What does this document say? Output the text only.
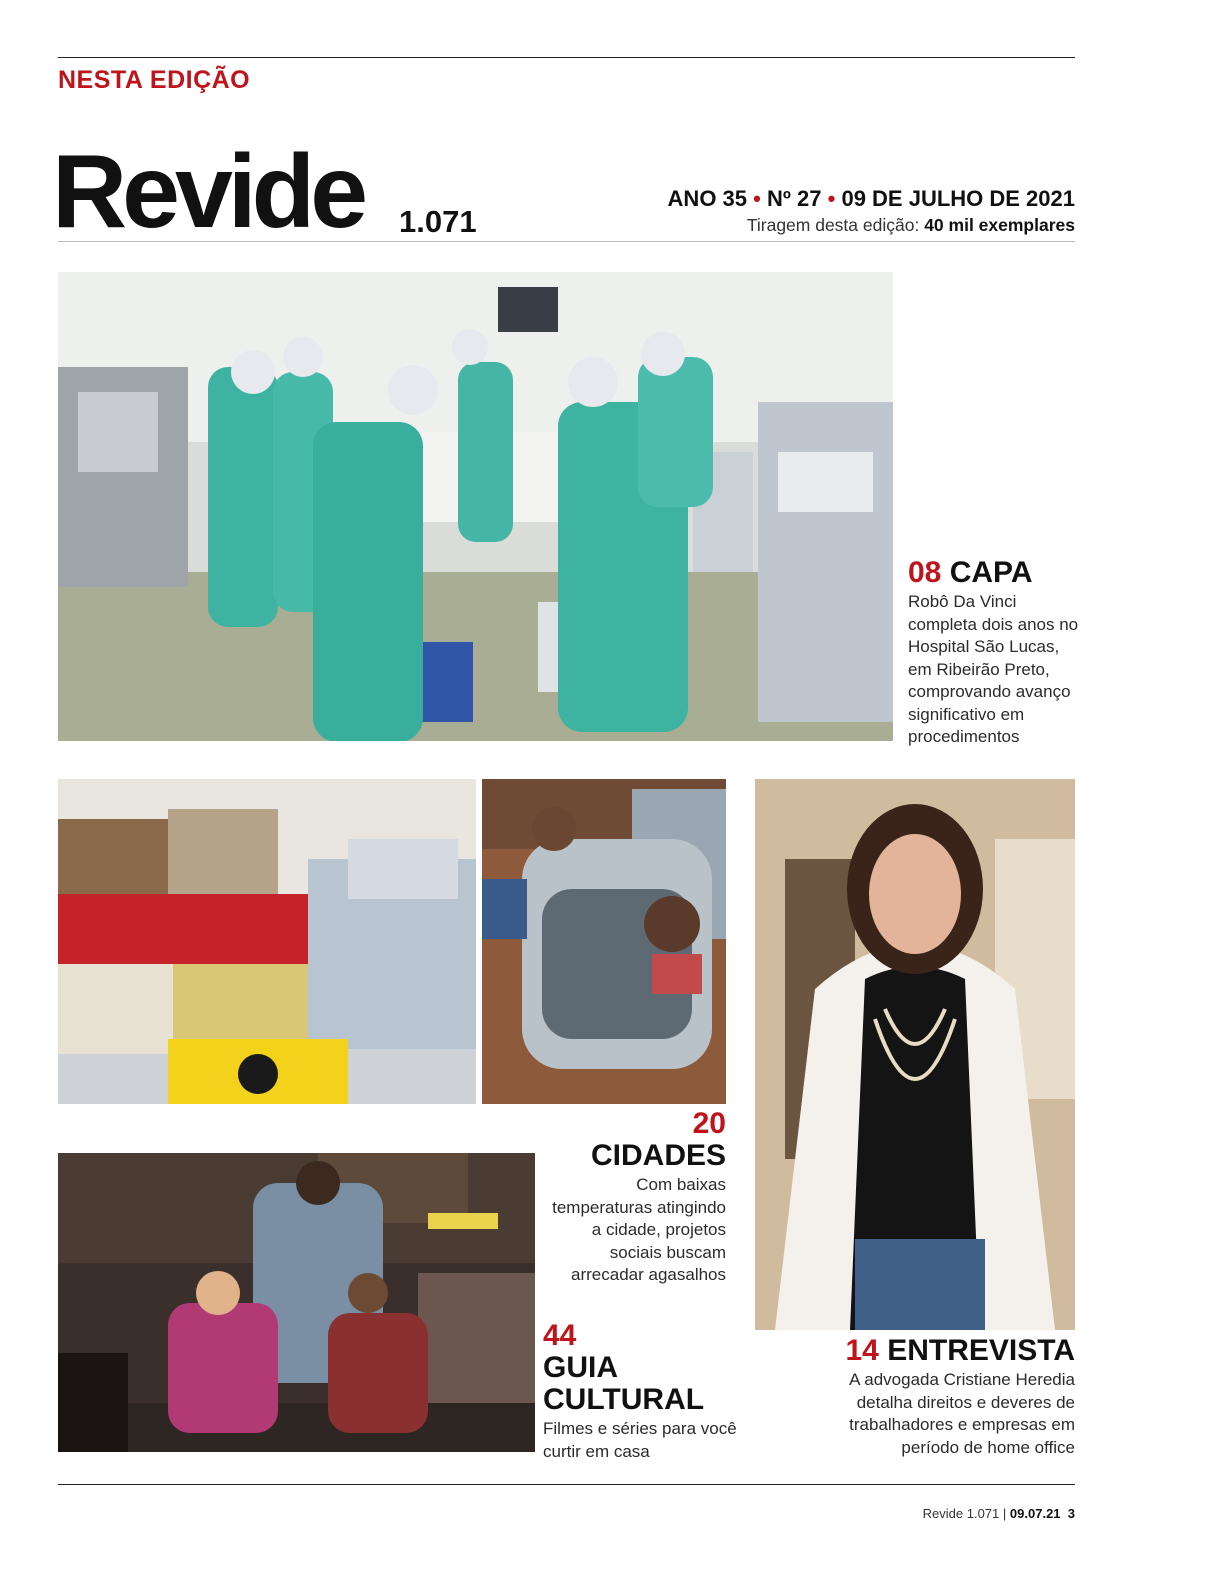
NESTA EDIÇÃO
Revide 1.071
ANO 35 • Nº 27 • 09 DE JULHO DE 2021
Tiragem desta edição: 40 mil exemplares
08 CAPA
Robô Da Vinci completa dois anos no Hospital São Lucas, em Ribeirão Preto, comprovando avanço significativo em procedimentos
20
CIDADES
Com baixas temperaturas atingindo a cidade, projetos sociais buscam arrecadar agasalhos
44
GUIA
CULTURAL
Filmes e séries para você curtir em casa
14 ENTREVISTA
A advogada Cristiane Heredia detalha direitos e deveres de trabalhadores e empresas em período de home office
Revide 1.071 | 09.07.21 3
